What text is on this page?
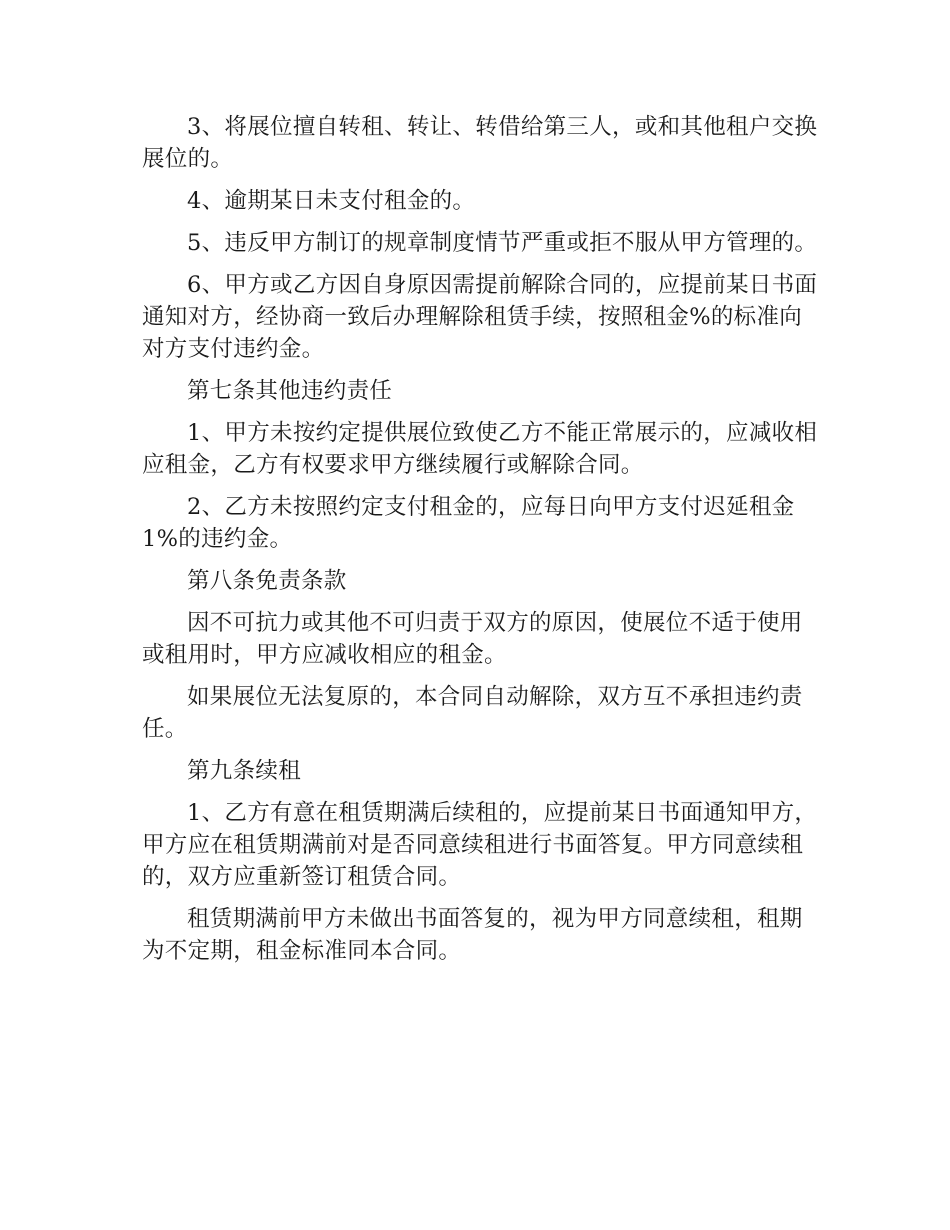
3、将展位擅自转租、转让、转借给第三人，或和其他租户交换展位的。

4、逾期某日未支付租金的。

5、违反甲方制订的规章制度情节严重或拒不服从甲方管理的。

6、甲方或乙方因自身原因需提前解除合同的，应提前某日书面通知对方，经协商一致后办理解除租赁手续，按照租金%的标准向对方支付违约金。

第七条其他违约责任

1、甲方未按约定提供展位致使乙方不能正常展示的，应减收相应租金，乙方有权要求甲方继续履行或解除合同。

2、乙方未按照约定支付租金的，应每日向甲方支付迟延租金 1%的违约金。

第八条免责条款

因不可抗力或其他不可归责于双方的原因，使展位不适于使用或租用时，甲方应减收相应的租金。

如果展位无法复原的，本合同自动解除，双方互不承担违约责任。

第九条续租

1、乙方有意在租赁期满后续租的，应提前某日书面通知甲方，甲方应在租赁期满前对是否同意续租进行书面答复。甲方同意续租的，双方应重新签订租赁合同。

租赁期满前甲方未做出书面答复的，视为甲方同意续租，租期为不定期，租金标准同本合同。
